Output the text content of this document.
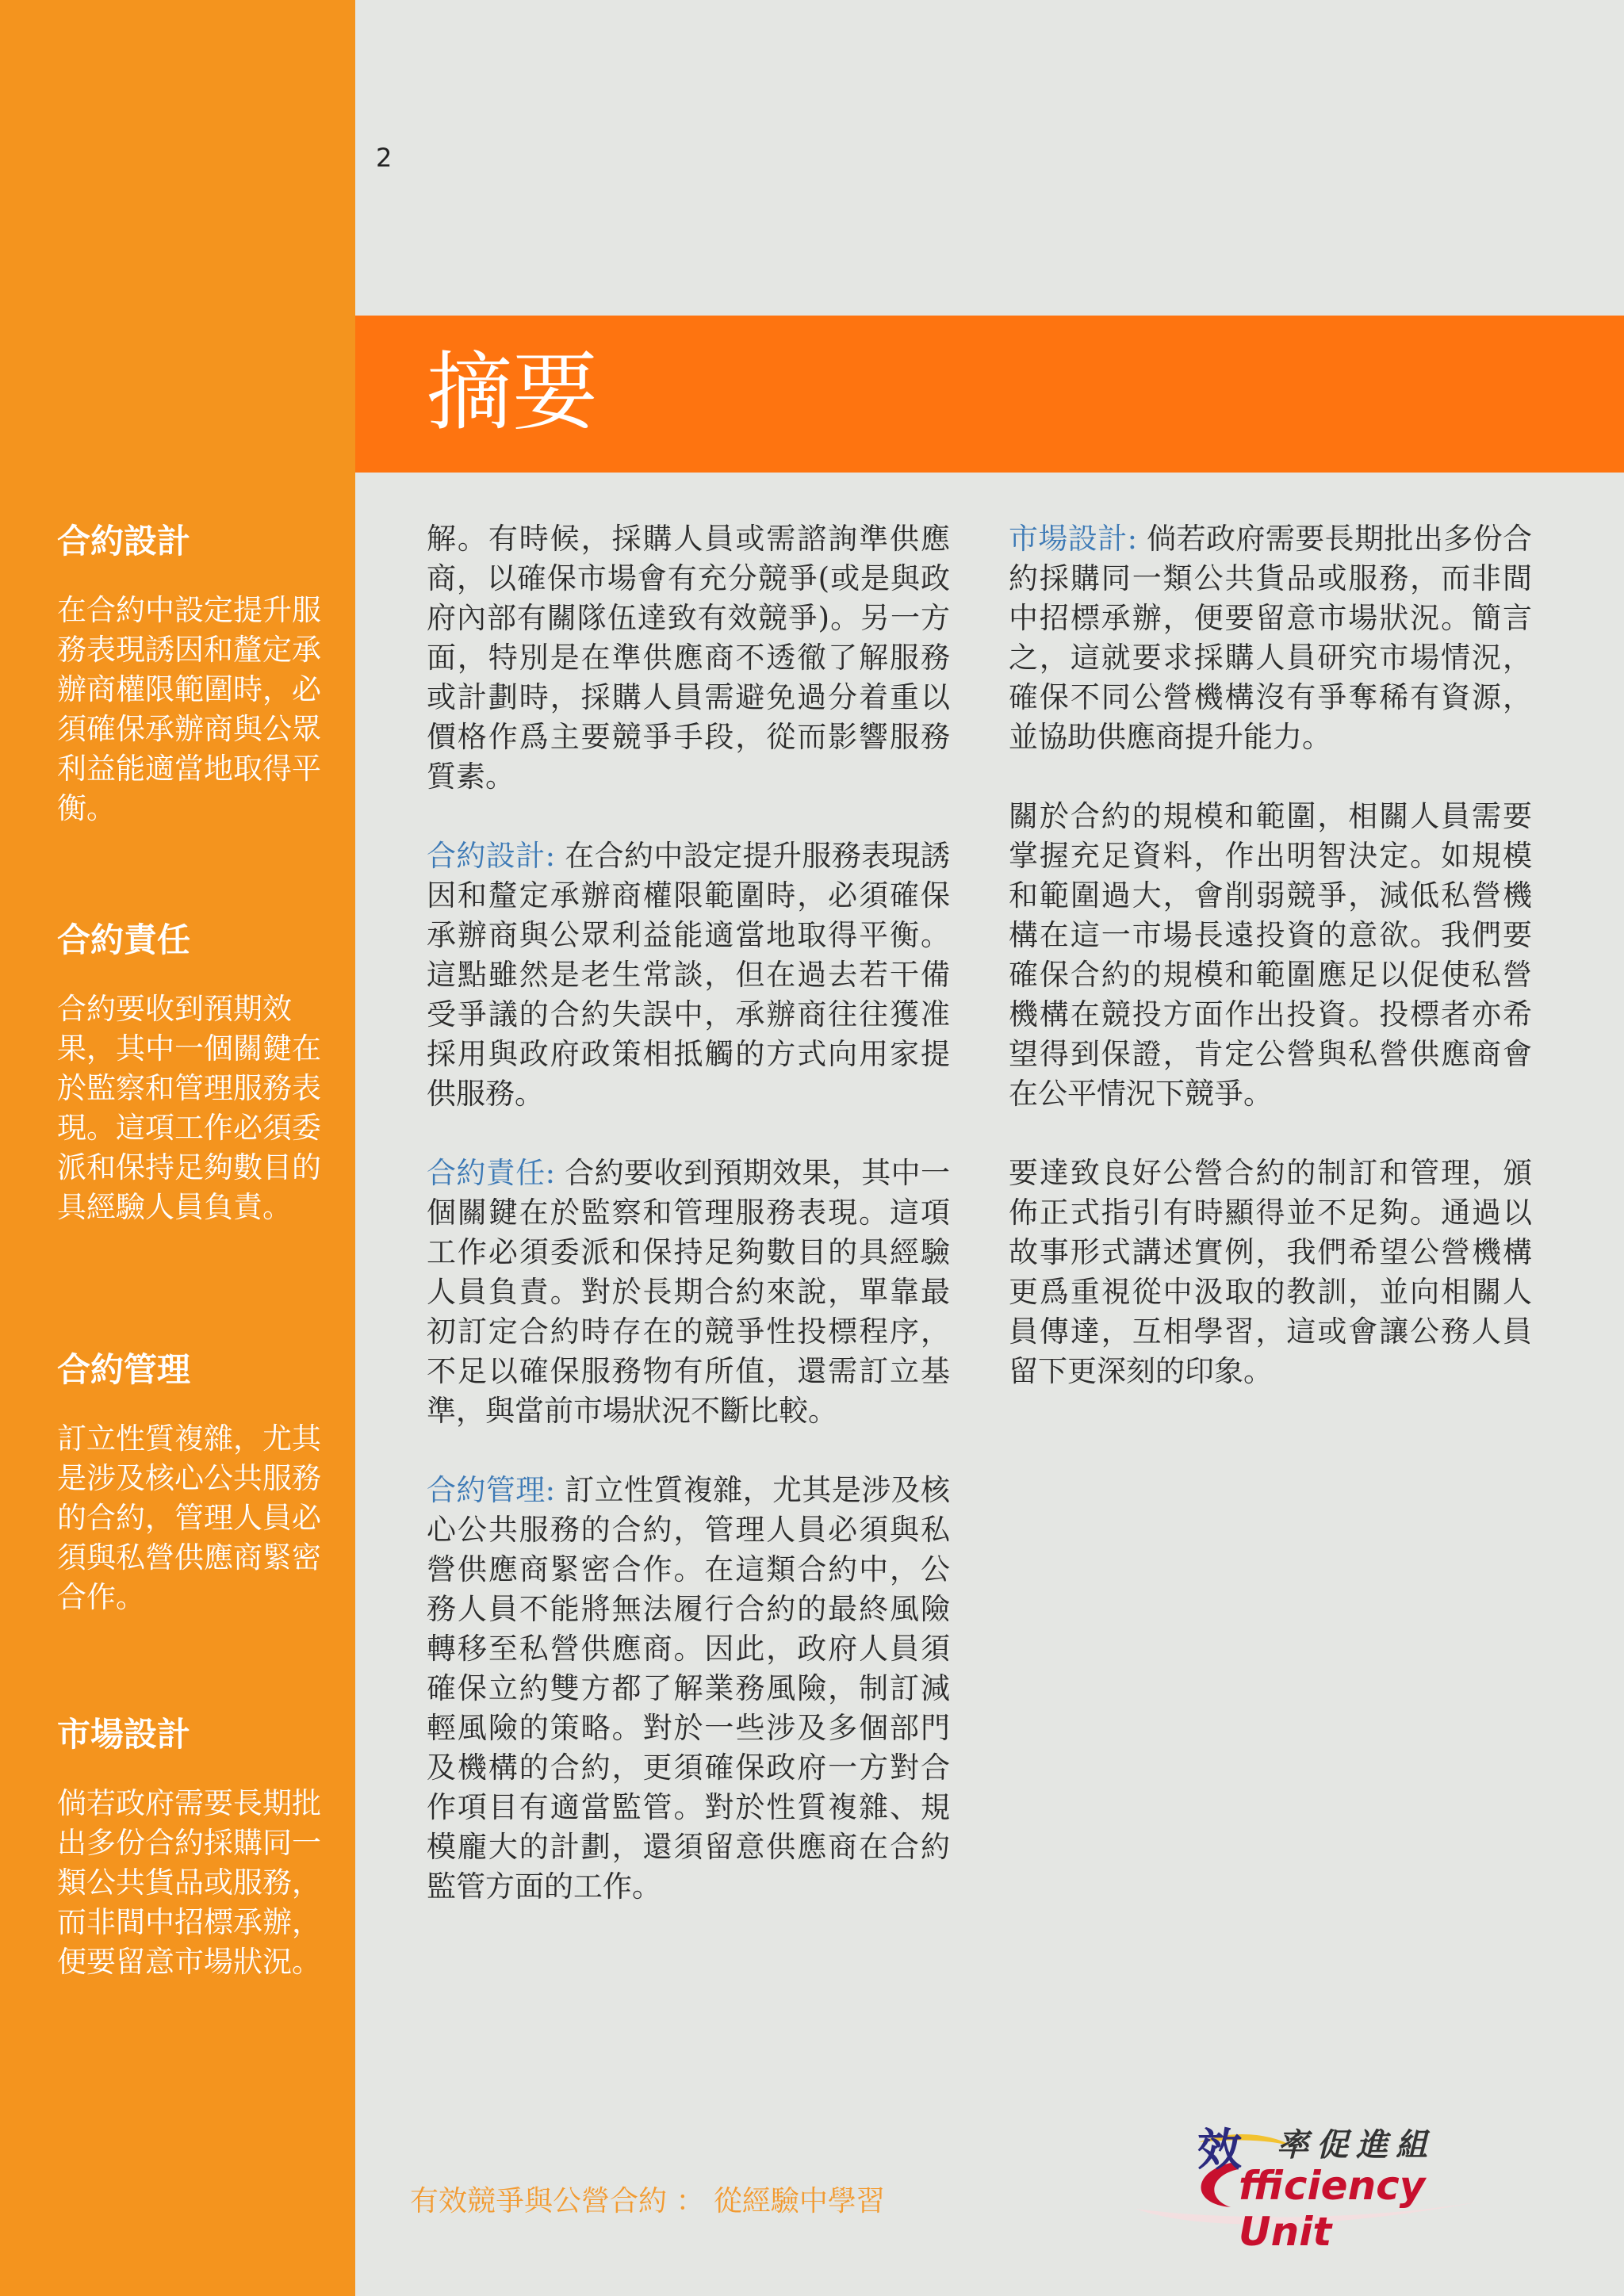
合約設計

在合約中設定提升服務表現誘因和釐定承辦商權限範圍時，必須確保承辦商與公眾利益能適當地取得平衡。

合約責任

合約要收到預期效果，其中一個關鍵在於監察和管理服務表現。這項工作必須委派和保持足夠數目的具經驗人員負責。

合約管理

訂立性質複雜，尤其是涉及核心公共服務的合約，管理人員必須與私營供應商緊密合作。

市場設計

倘若政府需要長期批出多份合約採購同一類公共貨品或服務，而非間中招標承辦，便要留意市場狀況。

2
摘要

解。有時候，採購人員或需諮詢準供應商，以確保市場會有充分競爭(或是與政府內部有關隊伍達致有效競爭)。另一方面，特別是在準供應商不透徹了解服務或計劃時，採購人員需避免過分着重以價格作爲主要競爭手段，從而影響服務質素。

合約設計: 在合約中設定提升服務表現誘因和釐定承辦商權限範圍時，必須確保承辦商與公眾利益能適當地取得平衡。這點雖然是老生常談，但在過去若干備受爭議的合約失誤中，承辦商往往獲准採用與政府政策相抵觸的方式向用家提供服務。

合約責任: 合約要收到預期效果，其中一個關鍵在於監察和管理服務表現。這項工作必須委派和保持足夠數目的具經驗人員負責。對於長期合約來說，單靠最初訂定合約時存在的競爭性投標程序，不足以確保服務物有所值，還需訂立基準，與當前市場狀況不斷比較。

合約管理: 訂立性質複雜，尤其是涉及核心公共服務的合約，管理人員必須與私營供應商緊密合作。在這類合約中，公務人員不能將無法履行合約的最終風險轉移至私營供應商。因此，政府人員須確保立約雙方都了解業務風險，制訂減輕風險的策略。對於一些涉及多個部門及機構的合約，更須確保政府一方對合作項目有適當監管。對於性質複雜、規模龐大的計劃，還須留意供應商在合約監管方面的工作。

市場設計: 倘若政府需要長期批出多份合約採購同一類公共貨品或服務，而非間中招標承辦，便要留意市場狀況。簡言之，這就要求採購人員研究市場情況，確保不同公營機構沒有爭奪稀有資源，並協助供應商提升能力。

關於合約的規模和範圍，相關人員需要掌握充足資料，作出明智決定。如規模和範圍過大，會削弱競爭，減低私營機構在這一市場長遠投資的意欲。我們要確保合約的規模和範圍應足以促使私營機構在競投方面作出投資。投標者亦希望得到保證，肯定公營與私營供應商會在公平情況下競爭。

要達致良好公營合約的制訂和管理，頒佈正式指引有時顯得並不足夠。通過以故事形式講述實例，我們希望公營機構更爲重視從中汲取的教訓，並向相關人員傳達，互相學習，這或會讓公務人員留下更深刻的印象。

有效競爭與公營合約 ： 從經驗中學習
效 率促進組
fficiency Unit
